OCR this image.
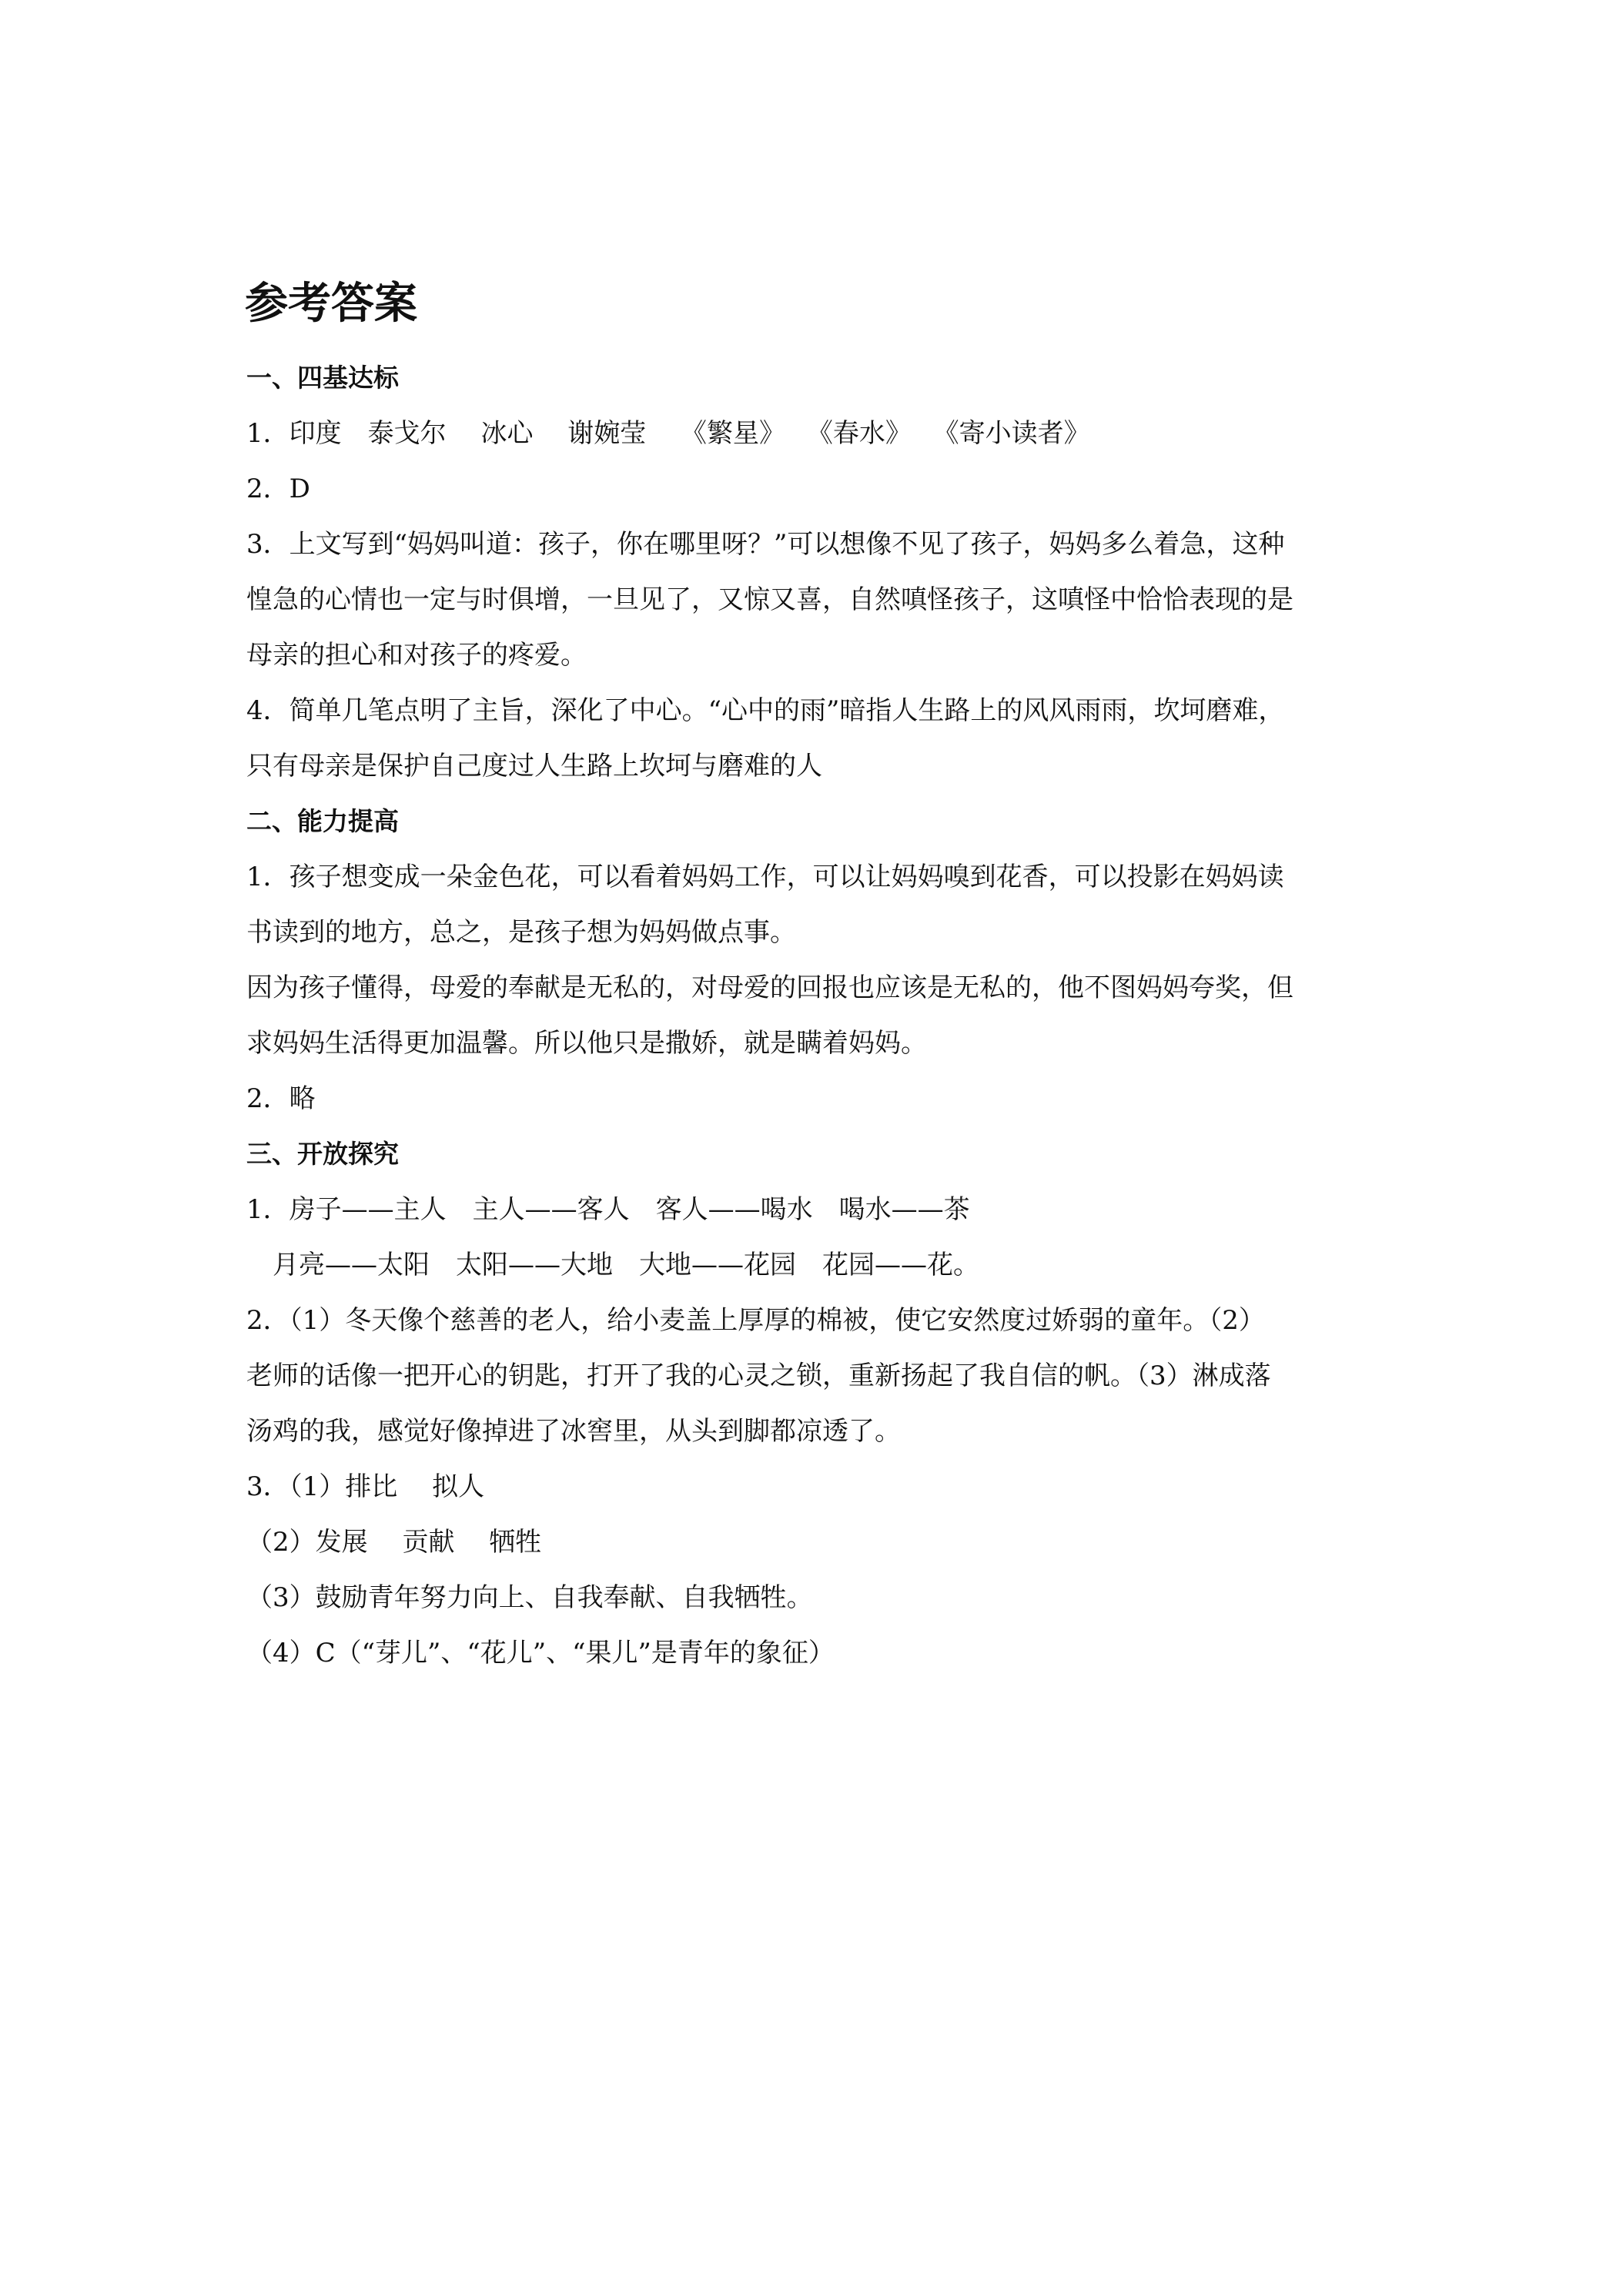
参考答案

一、四基达标

1．印度　泰戈尔　 冰心　 谢婉莹　 《繁星》　 《春水》　 《寄小读者》

2．D

3．上文写到“妈妈叫道：孩子，你在哪里呀？”可以想像不见了孩子，妈妈多么着急，这种

惶急的心情也一定与时俱增，一旦见了，又惊又喜，自然嗔怪孩子，这嗔怪中恰恰表现的是

母亲的担心和对孩子的疼爱。

4．简单几笔点明了主旨，深化了中心。“心中的雨”暗指人生路上的风风雨雨，坎坷磨难，

只有母亲是保护自己度过人生路上坎坷与磨难的人

二、能力提高

1．孩子想变成一朵金色花，可以看着妈妈工作，可以让妈妈嗅到花香，可以投影在妈妈读

书读到的地方，总之，是孩子想为妈妈做点事。

因为孩子懂得，母爱的奉献是无私的，对母爱的回报也应该是无私的，他不图妈妈夸奖，但

求妈妈生活得更加温馨。所以他只是撒娇，就是瞒着妈妈。

2．略

三、开放探究

1．房子——主人　主人——客人　客人——喝水　喝水——茶

　月亮——太阳　太阳——大地　大地——花园　花园——花。

2．（1）冬天像个慈善的老人，给小麦盖上厚厚的棉被，使它安然度过娇弱的童年。（2）

老师的话像一把开心的钥匙，打开了我的心灵之锁，重新扬起了我自信的帆。（3）淋成落

汤鸡的我，感觉好像掉进了冰窖里，从头到脚都凉透了。

3．（1）排比　 拟人

（2）发展　 贡献　 牺牲

（3）鼓励青年努力向上、自我奉献、自我牺牲。

（4）C（“芽儿”、“花儿”、“果儿”是青年的象征）
